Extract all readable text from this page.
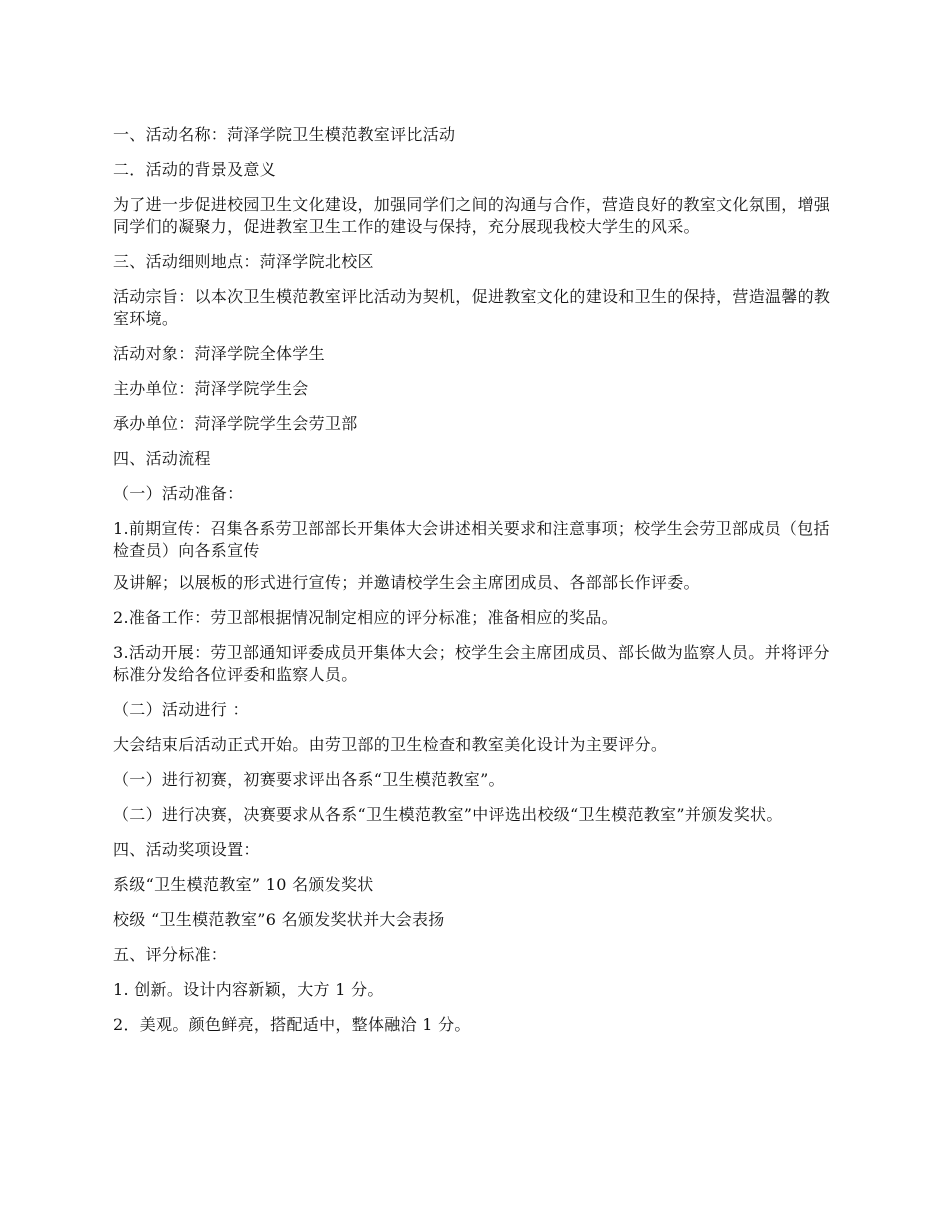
一、活动名称：菏泽学院卫生模范教室评比活动

二．活动的背景及意义

为了进一步促进校园卫生文化建设，加强同学们之间的沟通与合作，营造良好的教室文化氛围，增强同学们的凝聚力，促进教室卫生工作的建设与保持，充分展现我校大学生的风采。

三、活动细则地点：菏泽学院北校区

活动宗旨：以本次卫生模范教室评比活动为契机，促进教室文化的建设和卫生的保持，营造温馨的教室环境。

活动对象：菏泽学院全体学生

主办单位：菏泽学院学生会

承办单位：菏泽学院学生会劳卫部

四、活动流程

（一）活动准备：

1.前期宣传：召集各系劳卫部部长开集体大会讲述相关要求和注意事项；校学生会劳卫部成员（包括检查员）向各系宣传

及讲解；以展板的形式进行宣传；并邀请校学生会主席团成员、各部部长作评委。

2.准备工作：劳卫部根据情况制定相应的评分标准；准备相应的奖品。

3.活动开展：劳卫部通知评委成员开集体大会；校学生会主席团成员、部长做为监察人员。并将评分标准分发给各位评委和监察人员。

（二）活动进行 ：

大会结束后活动正式开始。由劳卫部的卫生检查和教室美化设计为主要评分。

（一）进行初赛，初赛要求评出各系“卫生模范教室”。

（二）进行决赛，决赛要求从各系“卫生模范教室”中评选出校级“卫生模范教室”并颁发奖状。

四、活动奖项设置：

系级“卫生模范教室” 10 名颁发奖状

校级 “卫生模范教室”6 名颁发奖状并大会表扬

五、评分标准：

1. 创新。设计内容新颖，大方 1 分。

2．美观。颜色鲜亮，搭配适中，整体融洽 1 分。
